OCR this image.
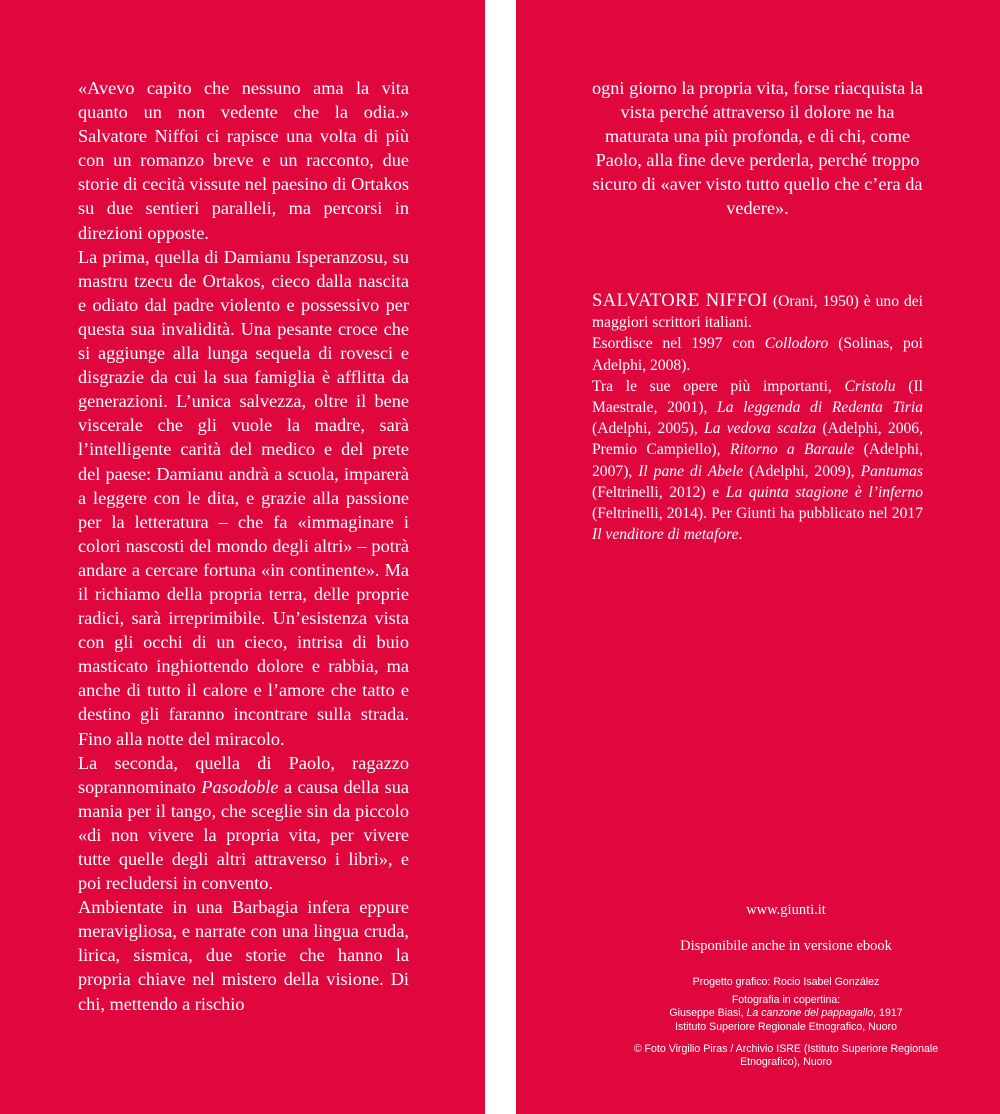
«Avevo capito che nessuno ama la vita quanto un non vedente che la odia.» Salvatore Niffoi ci rapisce una volta di più con un romanzo breve e un racconto, due storie di cecità vissute nel paesino di Ortakos su due sentieri paralleli, ma percorsi in direzioni opposte.

La prima, quella di Damianu Isperanzosu, su mastru tzecu de Ortakos, cieco dalla nascita e odiato dal padre violento e possessivo per questa sua invalidità. Una pesante croce che si aggiunge alla lunga sequela di rovesci e disgrazie da cui la sua famiglia è afflitta da generazioni. L’unica salvezza, oltre il bene viscerale che gli vuole la madre, sarà l’intelligente carità del medico e del prete del paese: Damianu andrà a scuola, imparerà a leggere con le dita, e grazie alla passione per la letteratura – che fa «immaginare i colori nascosti del mondo degli altri» – potrà andare a cercare fortuna «in continente». Ma il richiamo della propria terra, delle proprie radici, sarà irreprimibile. Un’esistenza vista con gli occhi di un cieco, intrisa di buio masticato inghiottendo dolore e rabbia, ma anche di tutto il calore e l’amore che tatto e destino gli faranno incontrare sulla strada. Fino alla notte del miracolo.

La seconda, quella di Paolo, ragazzo soprannominato Pasodoble a causa della sua mania per il tango, che sceglie sin da piccolo «di non vivere la propria vita, per vivere tutte quelle degli altri attraverso i libri», e poi recludersi in convento.

Ambientate in una Barbagia infera eppure meravigliosa, e narrate con una lingua cruda, lirica, sismica, due storie che hanno la propria chiave nel mistero della visione. Di chi, mettendo a rischio

ogni giorno la propria vita, forse riacquista la vista perché attraverso il dolore ne ha maturata una più profonda, e di chi, come Paolo, alla fine deve perderla, perché troppo sicuro di «aver visto tutto quello che c’era da vedere».

SALVATORE NIFFOI (Orani, 1950) è uno dei maggiori scrittori italiani.

Esordisce nel 1997 con Collodoro (Solinas, poi Adelphi, 2008).

Tra le sue opere più importanti, Cristolu (Il Maestrale, 2001), La leggenda di Redenta Tiria (Adelphi, 2005), La vedova scalza (Adelphi, 2006, Premio Campiello), Ritorno a Baraule (Adelphi, 2007), Il pane di Abele (Adelphi, 2009), Pantumas (Feltrinelli, 2012) e La quinta stagione è l’inferno (Feltrinelli, 2014). Per Giunti ha pubblicato nel 2017 Il venditore di metafore.

www.giunti.it
Disponibile anche in versione ebook
Progetto grafico: Rocio Isabel González
Fotografia in copertina:
Giuseppe Biasi, La canzone del pappagallo, 1917
Istituto Superiore Regionale Etnografico, Nuoro
© Foto Virgilio Piras / Archivio ISRE (Istituto Superiore Regionale
Etnografico), Nuoro
